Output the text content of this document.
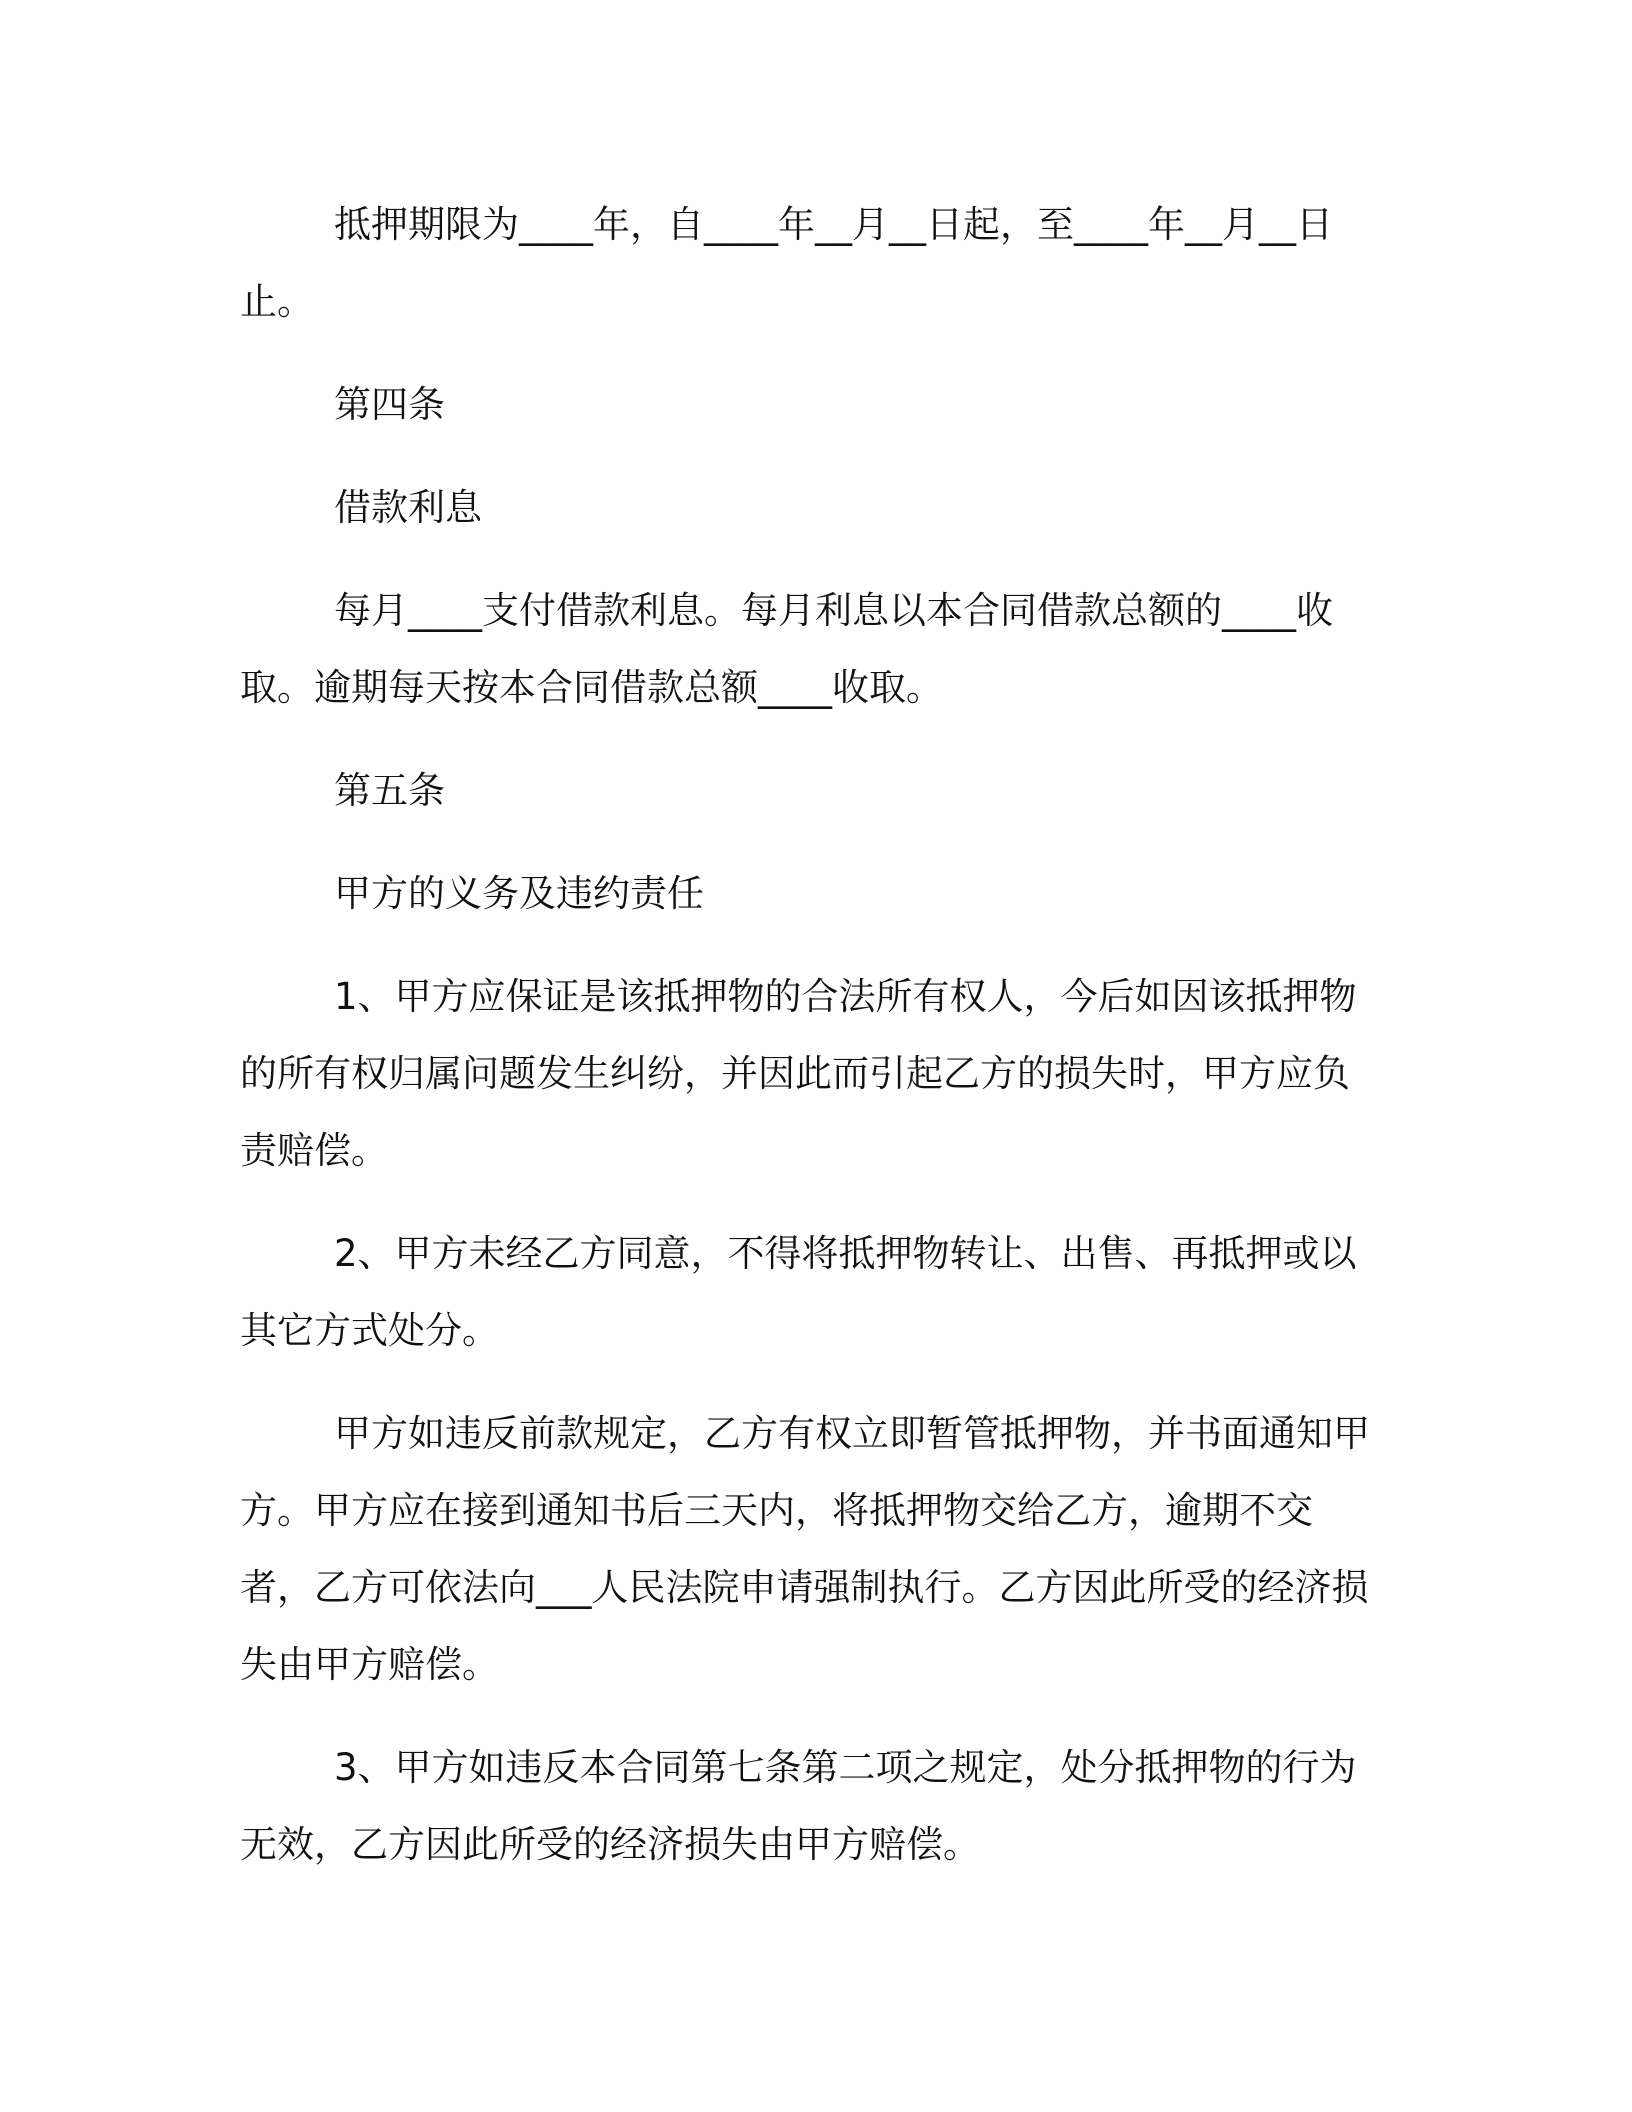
抵押期限为____年，自____年__月__日起，至____年__月__日止。

第四条

借款利息

每月____支付借款利息。每月利息以本合同借款总额的____收取。逾期每天按本合同借款总额____收取。

第五条

甲方的义务及违约责任

1、甲方应保证是该抵押物的合法所有权人，今后如因该抵押物的所有权归属问题发生纠纷，并因此而引起乙方的损失时，甲方应负责赔偿。

2、甲方未经乙方同意，不得将抵押物转让、出售、再抵押或以其它方式处分。

甲方如违反前款规定，乙方有权立即暂管抵押物，并书面通知甲方。甲方应在接到通知书后三天内，将抵押物交给乙方，逾期不交者，乙方可依法向___人民法院申请强制执行。乙方因此所受的经济损失由甲方赔偿。

3、甲方如违反本合同第七条第二项之规定，处分抵押物的行为无效，乙方因此所受的经济损失由甲方赔偿。
